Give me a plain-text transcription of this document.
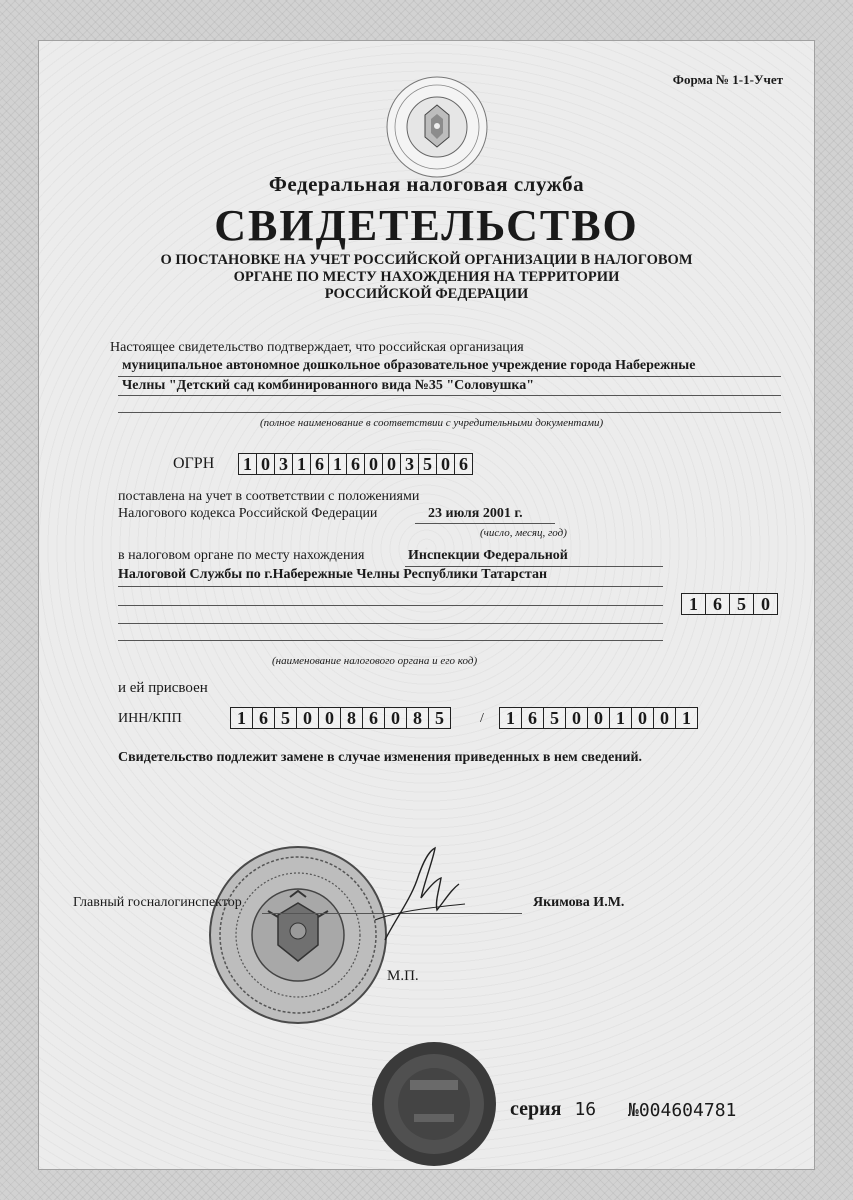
Форма № 1-1-Учет
Федеральная налоговая служба
СВИДЕТЕЛЬСТВО
О ПОСТАНОВКЕ НА УЧЕТ РОССИЙСКОЙ ОРГАНИЗАЦИИ В НАЛОГОВОМ
ОРГАНЕ ПО МЕСТУ НАХОЖДЕНИЯ НА ТЕРРИТОРИИ
РОССИЙСКОЙ ФЕДЕРАЦИИ
Настоящее свидетельство подтверждает, что российская организация
муниципальное автономное дошкольное образовательное учреждение города Набережные
Челны "Детский сад комбинированного вида №35 "Соловушка"
(полное наименование в соответствии с учредительными документами)
ОГРН 1 0 3 1 6 1 6 0 0 3 5 0 6
поставлена на учет в соответствии с положениями
Налогового кодекса Российской Федерации	23 июля 2001 г.
(число, месяц, год)
в налоговом органе по месту нахождения	Инспекции Федеральной
Налоговой Службы по г.Набережные Челны Республики Татарстан
1 6 5 0
(наименование налогового органа и его код)
и ей присвоен
ИНН/КПП	1 6 5 0 0 8 6 0 8 5	/	1 6 5 0 0 1 0 0 1
Свидетельство подлежит замене в случае изменения приведенных в нем сведений.
Главный госналогинспектор	Якимова И.М.
М.П.
серия 16 №004604781
